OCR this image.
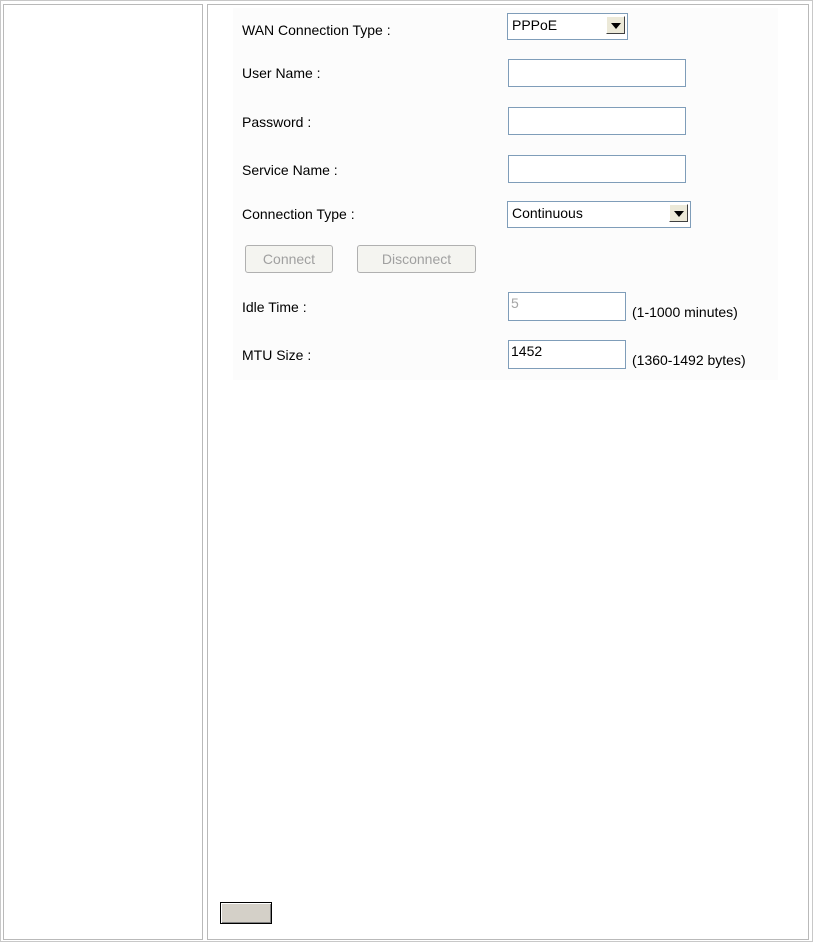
WAN Connection Type :	PPPoE
User Name :
Password :
Service Name :
Connection Type :	Continuous
Connect	Disconnect
Idle Time :	5
(1-1000 minutes)
MTU Size :	1452
(1360-1492 bytes)
